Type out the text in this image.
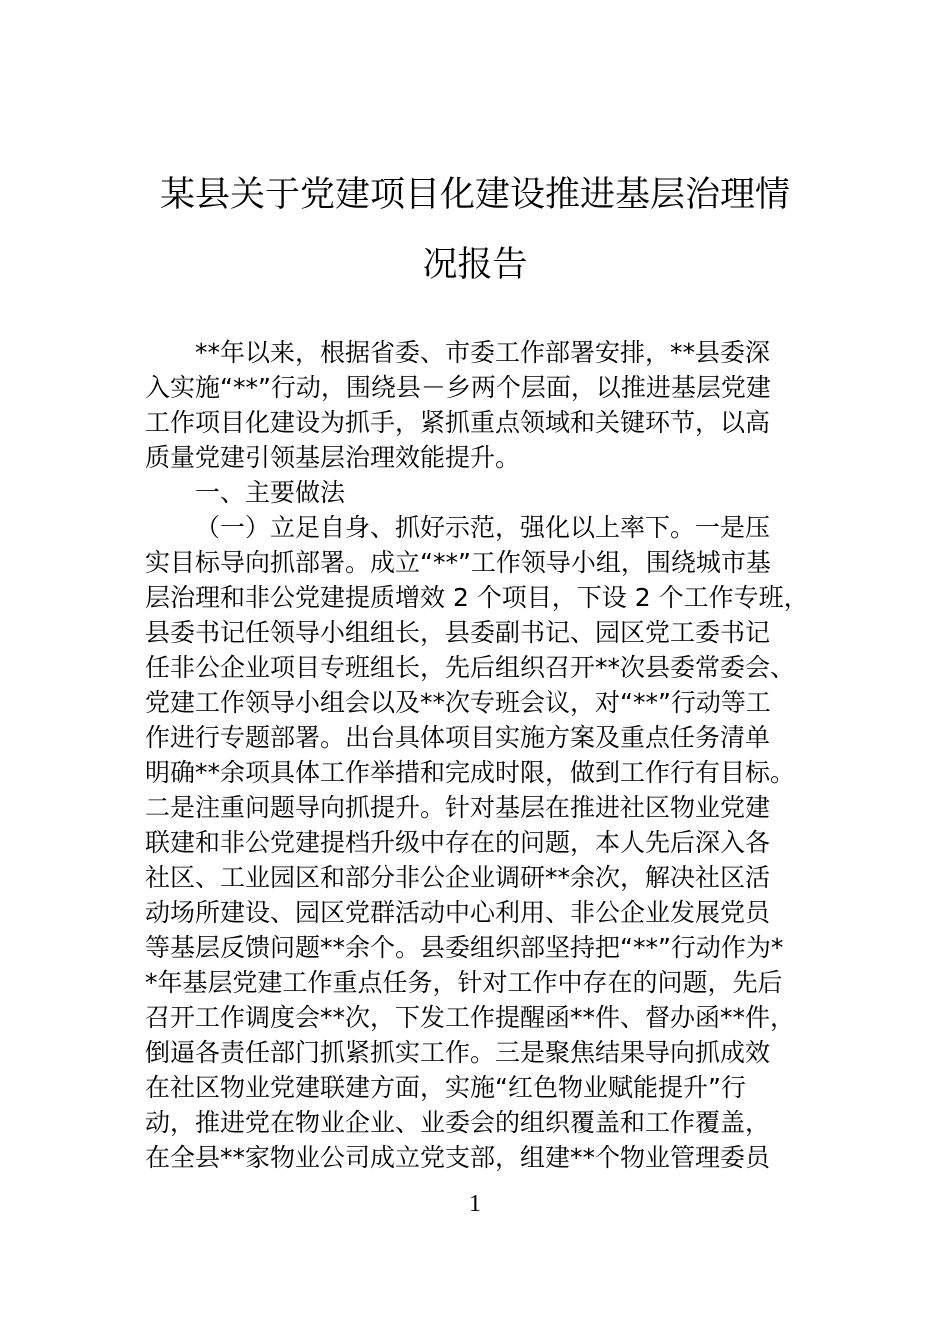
某县关于党建项目化建设推进基层治理情
况报告
**年以来，根据省委、市委工作部署安排，**县委深
入实施“**”行动，围绕县－乡两个层面，以推进基层党建
工作项目化建设为抓手，紧抓重点领域和关键环节，以高
质量党建引领基层治理效能提升。
一、主要做法
（一）立足自身、抓好示范，强化以上率下。一是压
实目标导向抓部署。成立“**”工作领导小组，围绕城市基
层治理和非公党建提质增效 2 个项目，下设 2 个工作专班，
县委书记任领导小组组长，县委副书记、园区党工委书记
任非公企业项目专班组长，先后组织召开**次县委常委会、
党建工作领导小组会以及**次专班会议，对“**”行动等工
作进行专题部署。出台具体项目实施方案及重点任务清单
明确**余项具体工作举措和完成时限，做到工作行有目标。
二是注重问题导向抓提升。针对基层在推进社区物业党建
联建和非公党建提档升级中存在的问题，本人先后深入各
社区、工业园区和部分非公企业调研**余次，解决社区活
动场所建设、园区党群活动中心利用、非公企业发展党员
等基层反馈问题**余个。县委组织部坚持把“**”行动作为*
*年基层党建工作重点任务，针对工作中存在的问题，先后
召开工作调度会**次，下发工作提醒函**件、督办函**件，
倒逼各责任部门抓紧抓实工作。三是聚焦结果导向抓成效
在社区物业党建联建方面，实施“红色物业赋能提升”行
动，推进党在物业企业、业委会的组织覆盖和工作覆盖，
在全县**家物业公司成立党支部，组建**个物业管理委员
1
